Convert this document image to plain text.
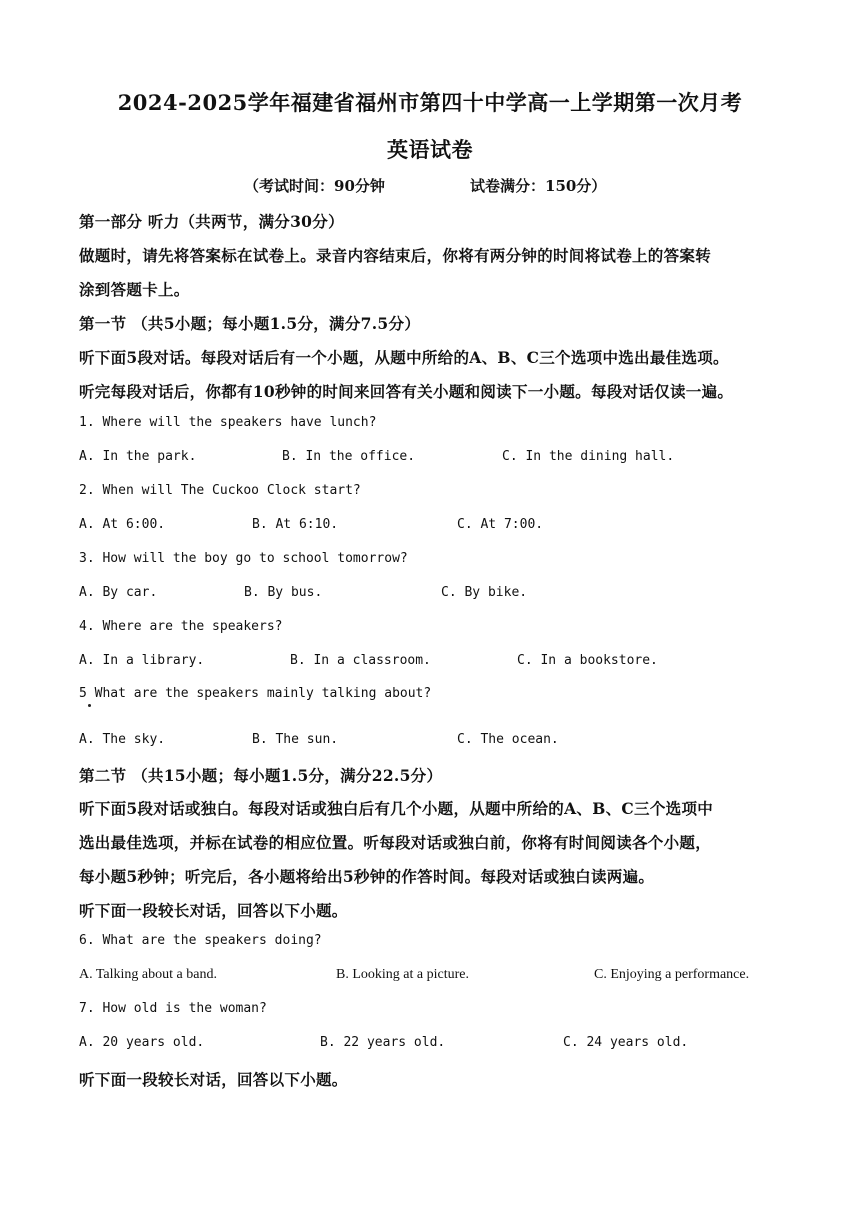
2024-2025学年福建省福州市第四十中学高一上学期第一次月考
英语试卷
（考试时间：90分钟	试卷满分：150分）
第一部分 听力（共两节，满分30分）
做题时，请先将答案标在试卷上。录音内容结束后，你将有两分钟的时间将试卷上的答案转
涂到答题卡上。
第一节 （共5小题；每小题1.5分，满分7.5分）
听下面5段对话。每段对话后有一个小题，从题中所给的A、B、C三个选项中选出最佳选项。
听完每段对话后，你都有10秒钟的时间来回答有关小题和阅读下一小题。每段对话仅读一遍。
1. Where will the speakers have lunch?
A. In the park.	B. In the office.	C. In the dining hall.
2. When will The Cuckoo Clock start?
A. At 6:00.	B. At 6:10.	C. At 7:00.
3. How will the boy go to school tomorrow?
A. By car.	B. By bus.	C. By bike.
4. Where are the speakers?
A. In a library.	B. In a classroom.	C. In a bookstore.
5 What are the speakers mainly talking about?
A. The sky.	B. The sun.	C. The ocean.
第二节 （共15小题；每小题1.5分，满分22.5分）
听下面5段对话或独白。每段对话或独白后有几个小题，从题中所给的A、B、C三个选项中
选出最佳选项，并标在试卷的相应位置。听每段对话或独白前，你将有时间阅读各个小题，
每小题5秒钟；听完后，各小题将给出5秒钟的作答时间。每段对话或独白读两遍。
听下面一段较长对话，回答以下小题。
6. What are the speakers doing?
A. Talking about a band.	B. Looking at a picture.	C. Enjoying a performance.
7. How old is the woman?
A. 20 years old.	B. 22 years old.	C. 24 years old.
听下面一段较长对话，回答以下小题。
